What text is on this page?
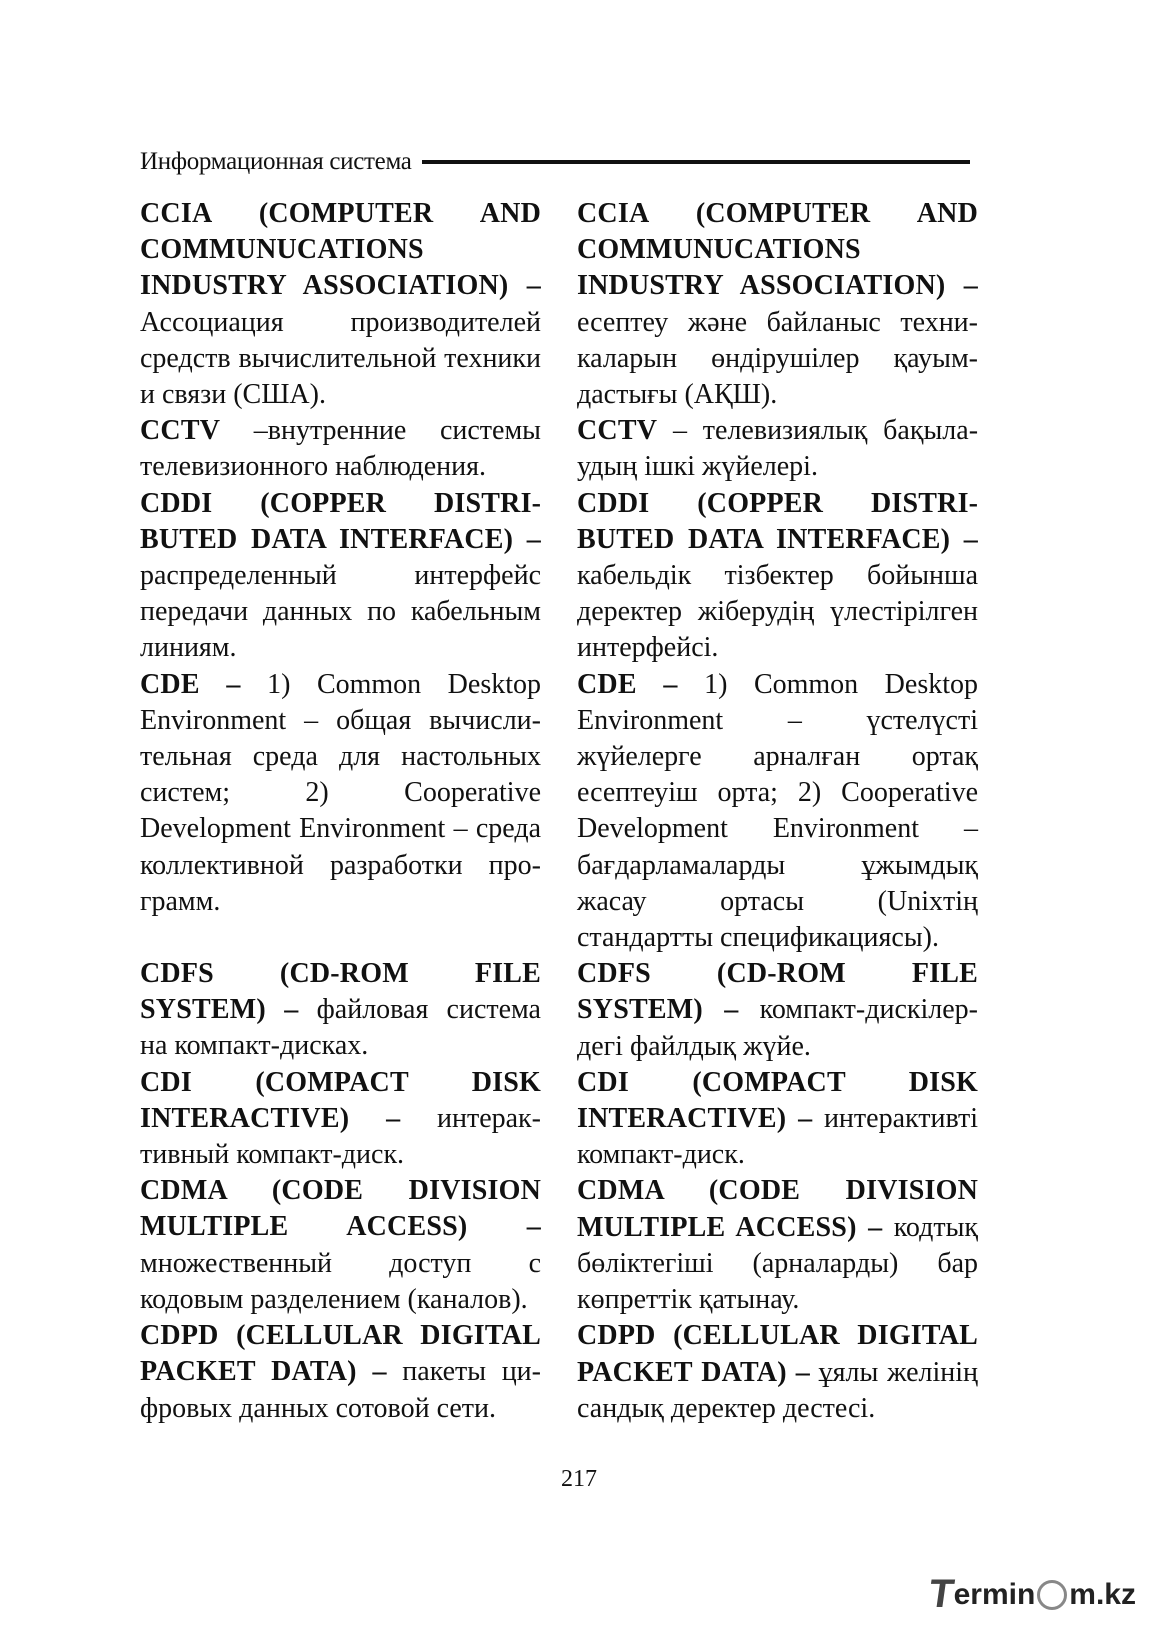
Информационная система

CCIA (COMPUTER AND COMMUNUCATIONS INDUSTRY ASSOCIATION) – Ассоциация производителей средств вычислительной техники и связи (США).

CCTV –внутренние системы телевизионного наблюдения.

CDDI (COPPER DISTRIBUTED DATA INTERFACE) – распределенный интерфейс передачи данных по кабельным линиям.

CDE – 1) Common Desktop Environment – общая вычислительная среда для настольных систем; 2) Cooperative Development Environment – среда коллективной разработки программ.

CDFS (CD-ROM FILE SYSTEM) – файловая система на компакт-дисках.

CDI (COMPACT DISK INTERACTIVE) – интерактивный компакт-диск.

CDMA (CODE DIVISION MULTIPLE ACCESS) – множественный доступ с кодовым разделением (каналов).

CDPD (CELLULAR DIGITAL PACKET DATA) – пакеты цифровых данных сотовой сети.

CCIA (COMPUTER AND COMMUNUCATIONS INDUSTRY ASSOCIATION) – есептеу және байланыс техникаларын өндірушілер қауымдастығы (АҚШ).

CCTV – телевизиялық бақылаудың ішкі жүйелері.

CDDI (COPPER DISTRIBUTED DATA INTERFACE) – кабельдік тізбектер бойынша деректер жіберудің үлестірілген интерфейсі.

CDE – 1) Common Desktop Environment – үстелүсті жүйелерге арналған ортақ есептеуіш орта; 2) Cooperative Development Environment – бағдарламаларды ұжымдық жасау ортасы (Unixтің стандартты спецификациясы).

CDFS (CD-ROM FILE SYSTEM) – компакт-дискілердегі файлдық жүйе.

CDI (COMPACT DISK INTERACTIVE) – интерактивті компакт-диск.

CDMA (CODE DIVISION MULTIPLE ACCESS) – кодтық бөліктегіші (арналарды) бар көпреттік қатынау.

CDPD (CELLULAR DIGITAL PACKET DATA) – ұялы желінің сандық деректер дестесі.

217
T
ermin m.kz
